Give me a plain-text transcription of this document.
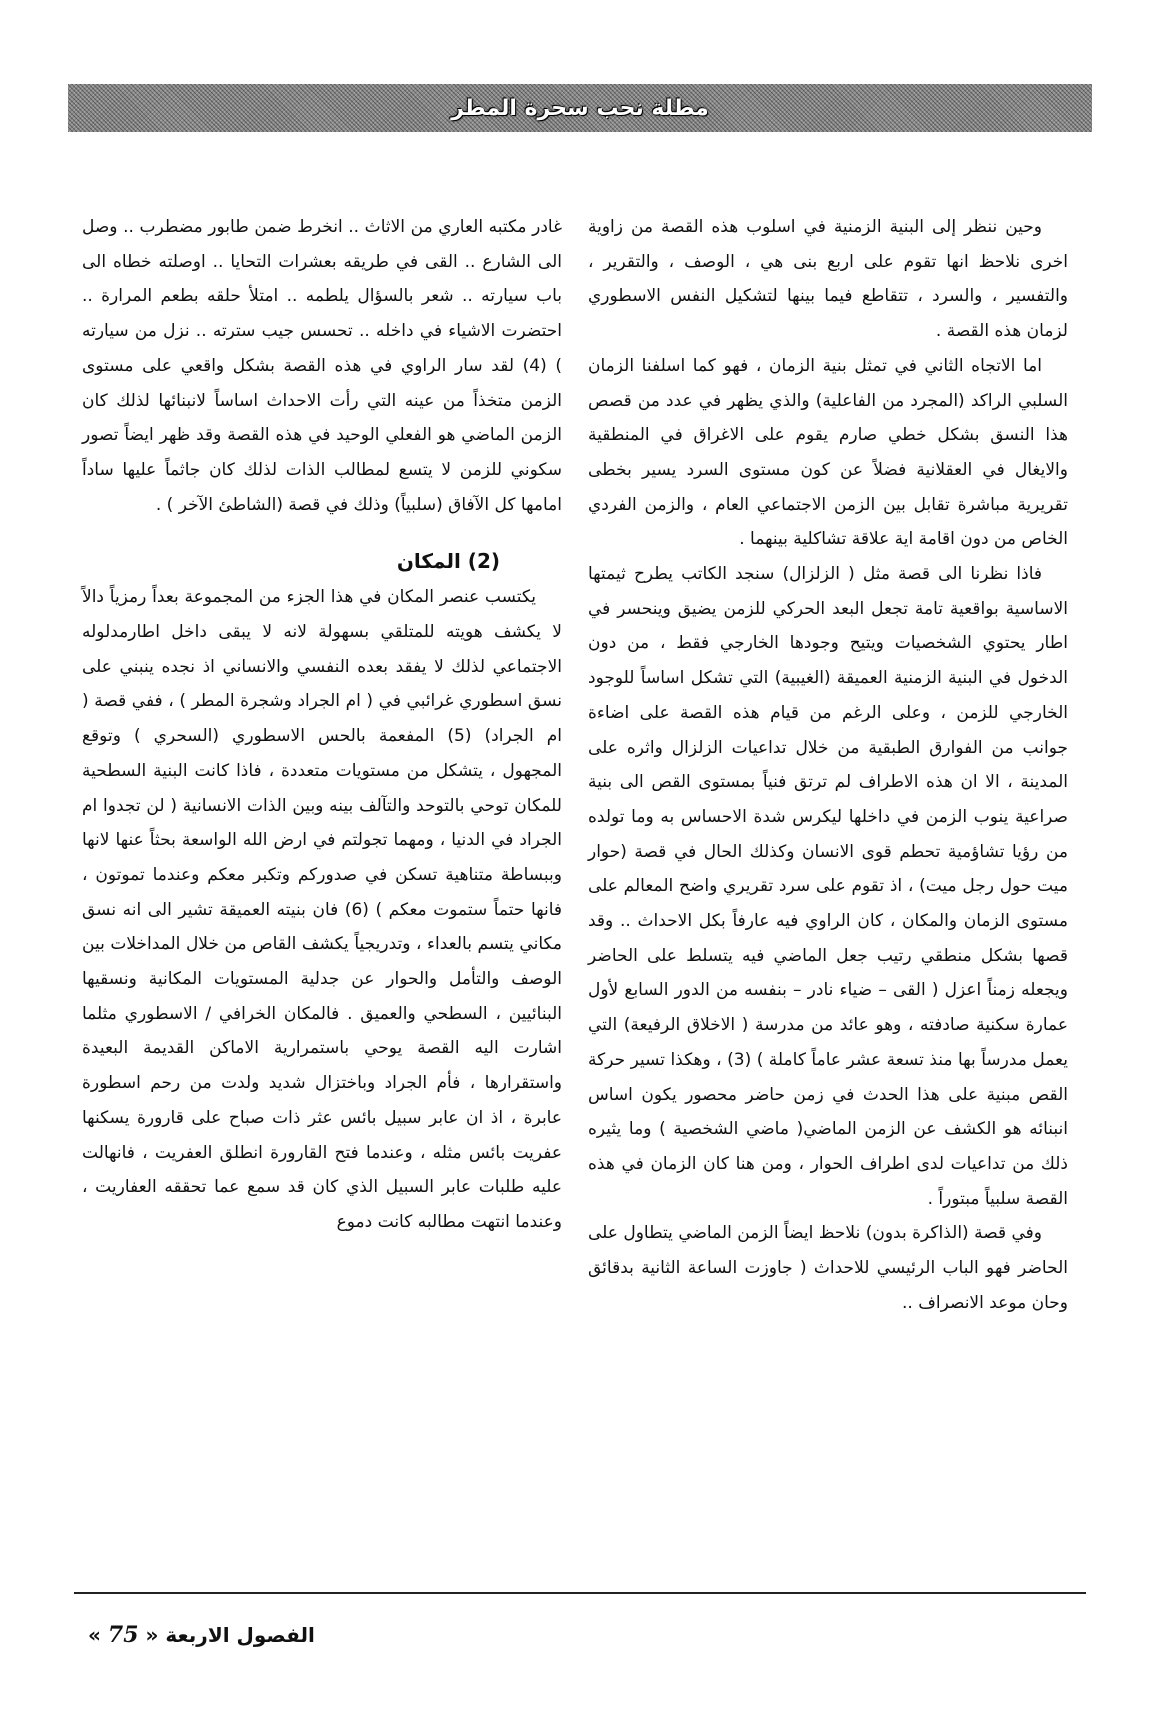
مطلة نحب سحرة المطر

وحين ننظر إلى البنية الزمنية في اسلوب هذه القصة من زاوية اخرى نلاحظ انها تقوم على اربع بنى هي ، الوصف ، والتقرير ، والتفسير ، والسرد ، تتقاطع فيما بينها لتشكيل النفس الاسطوري لزمان هذه القصة .

اما الاتجاه الثاني في تمثل بنية الزمان ، فهو كما اسلفنا الزمان السلبي الراكد (المجرد من الفاعلية) والذي يظهر في عدد من قصص هذا النسق بشكل خطي صارم يقوم على الاغراق في المنطقية والايغال في العقلانية فضلاً عن كون مستوى السرد يسير بخطى تقريرية مباشرة تقابل بين الزمن الاجتماعي العام ، والزمن الفردي الخاص من دون اقامة اية علاقة تشاكلية بينهما .

فاذا نظرنا الى قصة مثل ( الزلزال) سنجد الكاتب يطرح ثيمتها الاساسية بواقعية تامة تجعل البعد الحركي للزمن يضيق وينحسر في اطار يحتوي الشخصيات ويتيح وجودها الخارجي فقط ، من دون الدخول في البنية الزمنية العميقة (الغيبية) التي تشكل اساساً للوجود الخارجي للزمن ، وعلى الرغم من قيام هذه القصة على اضاءة جوانب من الفوارق الطبقية من خلال تداعيات الزلزال واثره على المدينة ، الا ان هذه الاطراف لم ترتق فنياً بمستوى القص الى بنية صراعية ينوب الزمن في داخلها ليكرس شدة الاحساس به وما تولده من رؤيا تشاؤمية تحطم قوى الانسان وكذلك الحال في قصة (حوار ميت حول رجل ميت) ، اذ تقوم على سرد تقريري واضح المعالم على مستوى الزمان والمكان ، كان الراوي فيه عارفاً بكل الاحداث .. وقد قصها بشكل منطقي رتيب جعل الماضي فيه يتسلط على الحاضر ويجعله زمناً اعزل ( القى – ضياء نادر – بنفسه من الدور السابع لأول عمارة سكنية صادفته ، وهو عائد من مدرسة ( الاخلاق الرفيعة) التي يعمل مدرساً بها منذ تسعة عشر عاماً كاملة ) (3) ، وهكذا تسير حركة القص مبنية على هذا الحدث في زمن حاضر محصور يكون اساس انبنائه هو الكشف عن الزمن الماضي( ماضي الشخصية ) وما يثيره ذلك من تداعيات لدى اطراف الحوار ، ومن هنا كان الزمان في هذه القصة سلبياً مبتوراً .

وفي قصة (الذاكرة بدون) نلاحظ ايضاً الزمن الماضي يتطاول على الحاضر فهو الباب الرئيسي للاحداث ( جاوزت الساعة الثانية بدقائق وحان موعد الانصراف ..

غادر مكتبه العاري من الاثاث .. انخرط ضمن طابور مضطرب .. وصل الى الشارع .. القى في طريقه بعشرات التحايا .. اوصلته خطاه الى باب سيارته .. شعر بالسؤال يلطمه .. امتلأ حلقه بطعم المرارة .. احتضرت الاشياء في داخله .. تحسس جيب سترته .. نزل من سيارته ) (4) لقد سار الراوي في هذه القصة بشكل واقعي على مستوى الزمن متخذاً من عينه التي رأت الاحداث اساساً لانبنائها لذلك كان الزمن الماضي هو الفعلي الوحيد في هذه القصة وقد ظهر ايضاً تصور سكوني للزمن لا يتسع لمطالب الذات لذلك كان جاثماً عليها ساداً امامها كل الآفاق (سلبياً) وذلك في قصة (الشاطئ الآخر ) .

(2) المكان

يكتسب عنصر المكان في هذا الجزء من المجموعة بعداً رمزياً دالاً لا يكشف هويته للمتلقي بسهولة لانه لا يبقى داخل اطارمدلوله الاجتماعي لذلك لا يفقد بعده النفسي والانساني اذ نجده ينبني على نسق اسطوري غرائبي في ( ام الجراد وشجرة المطر ) ، ففي قصة ( ام الجراد) (5) المفعمة بالحس الاسطوري (السحري ) وتوقع المجهول ، يتشكل من مستويات متعددة ، فاذا كانت البنية السطحية للمكان توحي بالتوحد والتآلف بينه وبين الذات الانسانية ( لن تجدوا ام الجراد في الدنيا ، ومهما تجولتم في ارض الله الواسعة بحثاً عنها لانها وببساطة متناهية تسكن في صدوركم وتكبر معكم وعندما تموتون ، فانها حتماً ستموت معكم ) (6) فان بنيته العميقة تشير الى انه نسق مكاني يتسم بالعداء ، وتدريجياً يكشف القاص من خلال المداخلات بين الوصف والتأمل والحوار عن جدلية المستويات المكانية ونسقيها البنائيين ، السطحي والعميق . فالمكان الخرافي / الاسطوري مثلما اشارت اليه القصة يوحي باستمرارية الاماكن القديمة البعيدة واستقرارها ، فأم الجراد وباختزال شديد ولدت من رحم اسطورة عابرة ، اذ ان عابر سبيل بائس عثر ذات صباح على قارورة يسكنها عفريت بائس مثله ، وعندما فتح القارورة انطلق العفريت ، فانهالت عليه طلبات عابر السبيل الذي كان قد سمع عما تحققه العفاريت ، وعندما انتهت مطالبه كانت دموع

الفصول الاربعة « 75 »
